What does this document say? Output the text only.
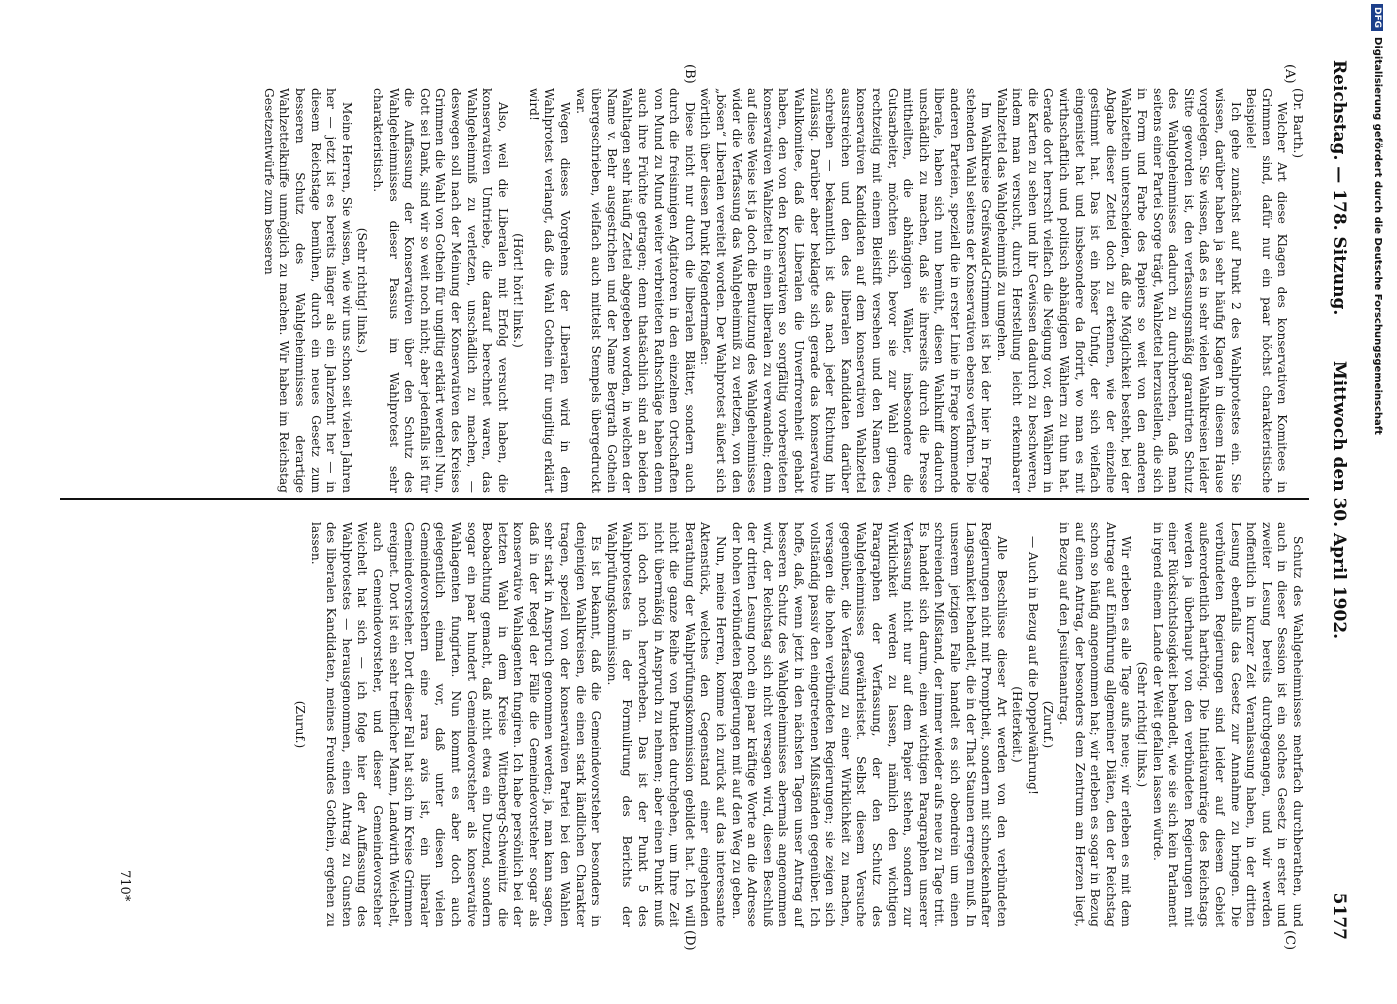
Reichstag. — 178. Sitzung.
Mittwoch den 30. April 1902.
5177
(A)
(B)
(C)
(D)

(Dr. Barth.)

Welcher Art diese Klagen des konservativen Komitees in Grimmen sind, dafür nur ein paar höchst charakteristische Beispiele!

Ich gehe zunächst auf Punkt 2 des Wahlprotestes ein. Sie wissen, darüber haben ja sehr häufig Klagen in diesem Hause vorgelegen. Sie wissen, daß es in sehr vielen Wahlkreisen leider Sitte geworden ist, den verfassungsmäßig garantirten Schutz des Wahlgeheimnisses dadurch zu durchbrechen, daß man seitens einer Partei Sorge trägt, Wahlzettel herzustellen, die sich in Form und Farbe des Papiers so weit von den anderen Wahlzetteln unterscheiden, daß die Möglichkeit besteht, bei der Abgabe dieser Zettel doch zu erkennen, wie der einzelne gestimmt hat. Das ist ein höser Unfug, der sich vielfach eingenistet hat und insbesondere da florirt, wo man es mit wirthschaftlich und politisch abhängigen Wählern zu thun hat. Gerade dort herrscht vielfach die Neigung vor, den Wählern in die Karten zu sehen und ihr Gewissen dadurch zu beschweren, indem man versucht, durch Herstellung leicht erkennbarer Wahlzettel das Wahlgeheimniß zu umgehen.

Im Wahlkreise Greifswald-Grimmen ist bei der hier in Frage stehenden Wahl seitens der Konservativen ebenso verfahren. Die anderen Parteien, speziell die in erster Linie in Frage kommende liberale, haben sich nun bemüht, diesen Wahlkniff dadurch unschädlich zu machen, daß sie ihrerseits durch die Presse mittheilten, die abhängigen Wähler, insbesondere die Gutsarbeiter, möchten sich, bevor sie zur Wahl gingen, rechtzeitig mit einem Bleistift versehen und den Namen des konservativen Kandidaten auf dem konservativen Wahlzettel ausstreichen und den des liberalen Kandidaten darüber schreiben — bekanntlich ist das nach jeder Richtung hin zulässig. Darüber aber beklagte sich gerade das konservative Wahlkomitee, daß die Liberalen die Unverfrorenheit gehabt haben, den von den Konservativen so sorgfältig vorbereiteten konservativen Wahlzettel in einen liberalen zu verwandeln; denn auf diese Weise ist ja doch die Benutzung des Wahlgeheimnisses wider die Verfassung das Wahlgeheimniß zu verletzen, von den „bösen“ Liberalen vereitelt worden. Der Wahlprotest äußert sich wörtlich über diesen Punkt folgendermaßen:

Diese nicht nur durch die liberalen Blätter, sondern auch durch die freisinnigen Agitatoren in den einzelnen Ortschaften von Mund zu Mund weiter verbreiteten Rathschläge haben denn auch ihre Früchte getragen; denn thatsächlich sind an beiden Wahltagen sehr häufig Zettel abgegeben worden, in welchen der Name v. Behr ausgestrichen und der Name Bergrath Gothein übergeschrieben, vielfach auch mittelst Stempels übergedruckt war.

Wegen dieses Vorgehens der Liberalen wird in dem Wahlprotest verlangt, daß die Wahl Gothein für ungiltig erklärt wird!

(Hört! hört! links.)

Also, weil die Liberalen mit Erfolg versucht haben, die konservativen Umtriebe, die darauf berechnet waren, das Wahlgeheimniß zu verletzen, unschädlich zu machen, — deswegen soll nach der Meinung der Konservativen des Kreises Grimmen die Wahl von Gothein für ungiltig erklärt werden! Nun, Gott sei Dank, sind wir so weit noch nicht; aber jedenfalls ist für die Auffassung der Konservativen über den Schutz des Wahlgeheimnisses dieser Passus im Wahlprotest sehr charakteristisch.

(Sehr richtig! links.)

Meine Herren, Sie wissen, wie wir uns schon seit vielen Jahren her — jetzt ist es bereits länger als ein Jahrzehnt her — in diesem Reichstage bemühen, durch ein neues Gesetz zum besseren Schutz des Wahlgeheimnisses derartige Wahlzettelkniffe unmöglich zu machen. Wir haben im Reichstag Gesetzentwürfe zum besseren

Schutz des Wahlgeheimnisses mehrfach durchberathen, und auch in dieser Session ist ein solches Gesetz in erster und zweiter Lesung bereits durchgegangen, und wir werden hoffentlich in kurzer Zeit Veranlassung haben, in der dritten Lesung ebenfalls das Gesetz zur Annahme zu bringen. Die verbündeten Regierungen sind leider auf diesem Gebiet außerordentlich harthörig. Die Initiativanträge des Reichstags werden ja überhaupt von den verbündeten Regierungen mit einer Rücksichtslosigkeit behandelt, wie sie sich kein Parlament in irgend einem Lande der Welt gefallen lassen würde.

(Sehr richtig! links.)

Wir erleben es alle Tage aufs neue; wir erleben es mit dem Antrage auf Einführung allgemeiner Diäten, den der Reichstag schon so häufig angenommen hat; wir erleben es sogar in Bezug auf einen Antrag, der besonders dem Zentrum am Herzen liegt, in Bezug auf den Jesuitenantrag.

(Zuruf.)

— Auch in Bezug auf die Doppelwährung!

(Heiterkeit.)

Alle Beschlüsse dieser Art werden von den verbündeten Regierungen nicht mit Promptheit, sondern mit schneckenhafter Langsamkeit behandelt, die in der That Staunen erregen muß. In unserem jetzigen Falle handelt es sich obendrein um einen schreienden Mißstand, der immer wieder aufs neue zu Tage tritt. Es handelt sich darum, einen wichtigen Paragraphen unserer Verfassung nicht nur auf dem Papier stehen, sondern zur Wirklichkeit werden zu lassen, nämlich den wichtigen Paragraphen der Verfassung, der den Schutz des Wahlgeheimnisses gewährleistet. Selbst diesem Versuche gegenüber, die Verfassung zu einer Wirklichkeit zu machen, versagen die hohen verbündeten Regierungen; sie zeigen sich vollständig passiv den eingetretenen Mißständen gegenüber. Ich hoffe, daß, wenn jetzt in den nächsten Tagen unser Antrag auf besseren Schutz des Wahlgeheimnisses abermals angenommen wird, der Reichstag sich nicht versagen wird, diesen Beschluß der dritten Lesung noch ein paar kräftige Worte an die Adresse der hohen verbündeten Regierungen mit auf den Weg zu geben.

Nun, meine Herren, komme ich zurück auf das interessante Aktenstück, welches den Gegenstand einer eingehenden Berathung der Wahlprüfungskommission gebildet hat. Ich will nicht die ganze Reihe von Punkten durchgehen, um Ihre Zeit nicht übermäßig in Anspruch zu nehmen; aber einen Punkt muß ich doch noch hervorheben. Das ist der Punkt 5 des Wahlprotestes in der Formulirung des Berichts der Wahlprüfungskommission.

Es ist bekannt, daß die Gemeindevorsteher besonders in denjenigen Wahlkreisen, die einen stark ländlichen Charakter tragen, speziell von der konservativen Partei bei den Wahlen sehr stark in Anspruch genommen werden; ja, man kann sagen, daß in der Regel der Fälle die Gemeindevorsteher sogar als konservative Wahlagenten fungiren. Ich habe persönlich bei der letzten Wahl in dem Kreise Wittenberg-Schweinitz die Beobachtung gemacht, daß nicht etwa ein Dutzend, sondern sogar ein paar hundert Gemeindevorsteher als konservative Wahlagenten fungirten. Nun kommt es aber doch auch gelegentlich einmal vor, daß unter diesen vielen Gemeindevorstehern eine rara avis ist, ein liberaler Gemeindevorsteher. Dort dieser Fall hat sich im Kreise Grimmen ereignet. Dort ist ein sehr trefflicher Mann, Landwirth Weichelt, auch Gemeindevorsteher, und dieser Gemeindevorsteher Weichelt hat sich — ich folge hier der Auffassung des Wahlprotestes — herausgenommen, einen Antrag zu Gunsten des liberalen Kandidaten, meines Freundes Gothein, ergehen zu lassen.

(Zuruf.)

710*
DFGDigitalisierung gefördert durch die Deutsche Forschungsgemeinschaft
